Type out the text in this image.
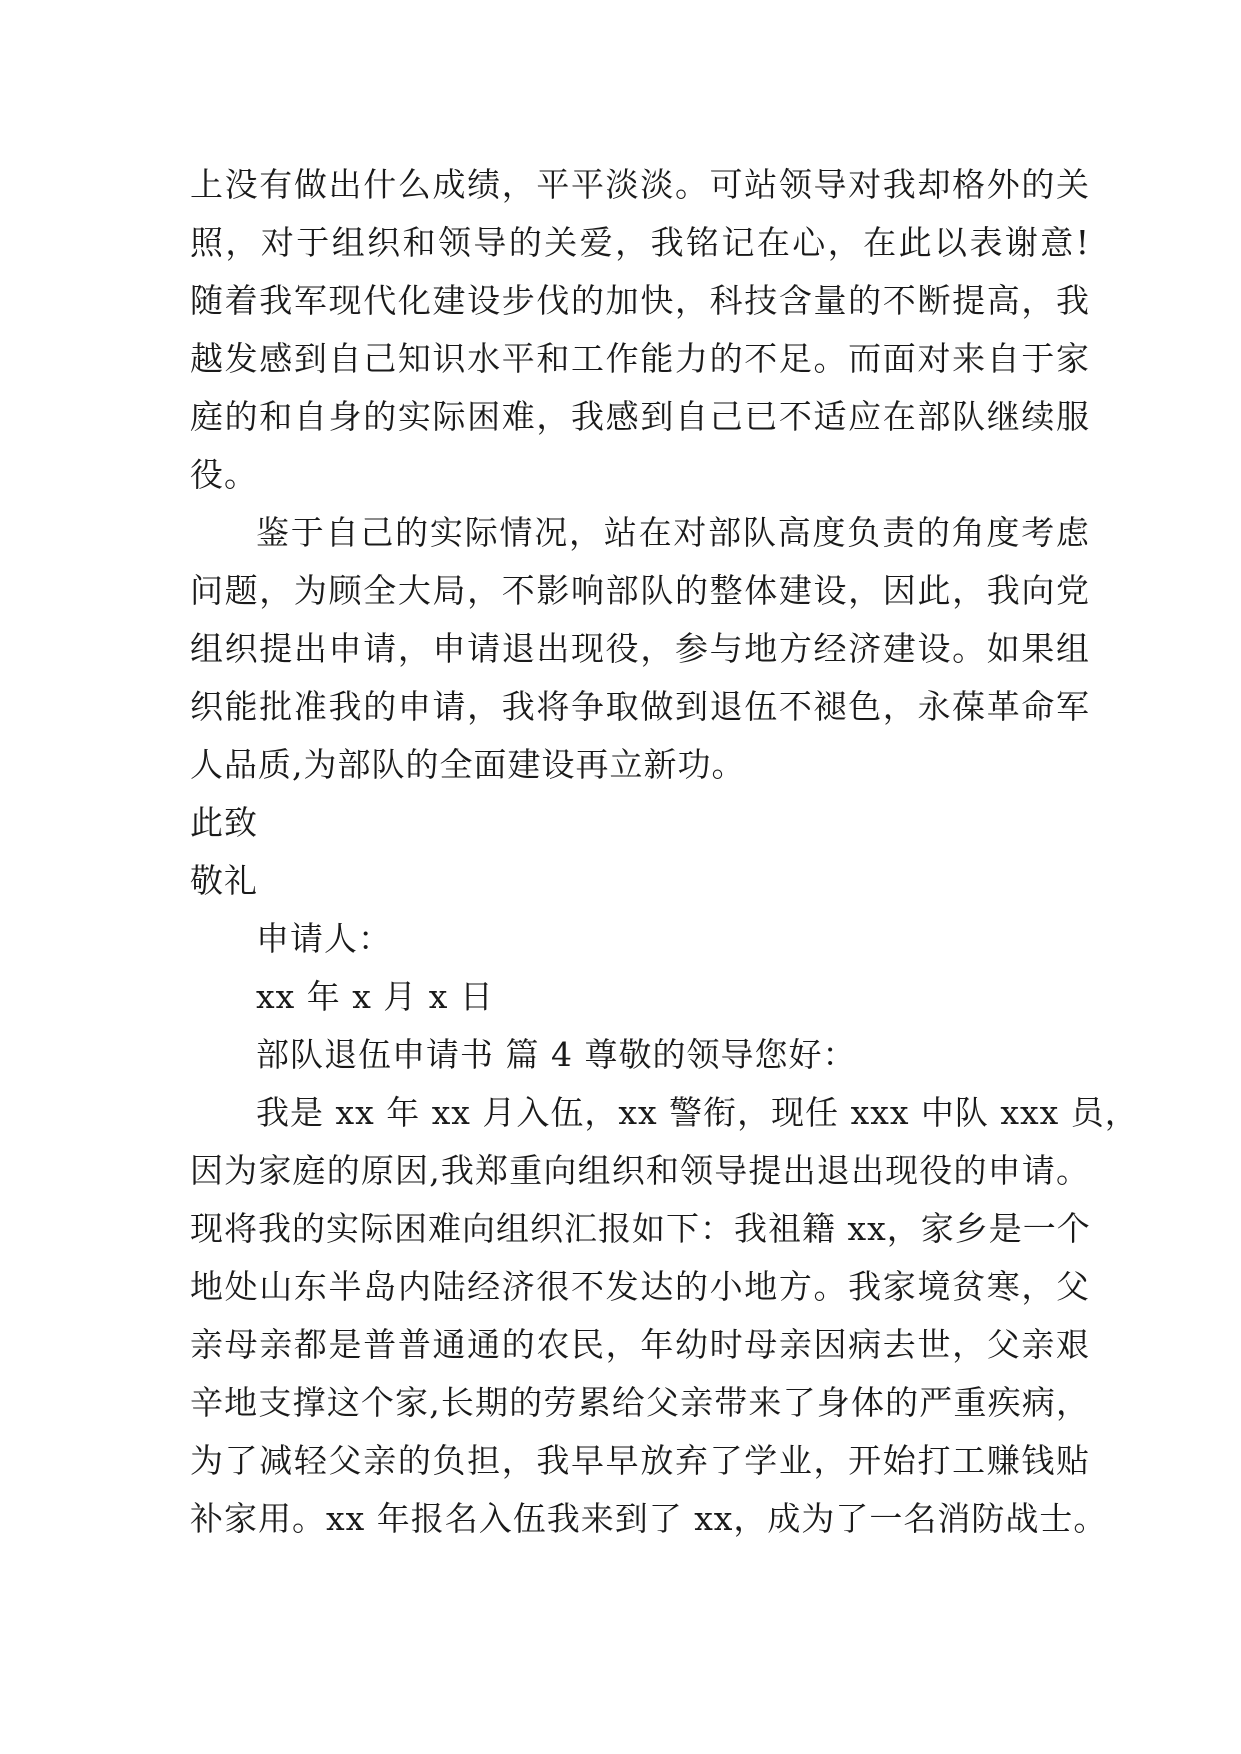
上没有做出什么成绩，平平淡淡。可站领导对我却格外的关
照，对于组织和领导的关爱，我铭记在心，在此以表谢意!
随着我军现代化建设步伐的加快，科技含量的不断提高，我
越发感到自己知识水平和工作能力的不足。而面对来自于家
庭的和自身的实际困难，我感到自己已不适应在部队继续服
役。
鉴于自己的实际情况，站在对部队高度负责的角度考虑
问题，为顾全大局，不影响部队的整体建设，因此，我向党
组织提出申请，申请退出现役，参与地方经济建设。如果组
织能批准我的申请，我将争取做到退伍不褪色，永葆革命军
人品质,为部队的全面建设再立新功。
此致
敬礼
申请人：
xx 年 x 月 x 日
部队退伍申请书 篇 4 尊敬的领导您好：
我是 xx 年 xx 月入伍，xx 警衔，现任 xxx 中队 xxx 员，
因为家庭的原因,我郑重向组织和领导提出退出现役的申请。
现将我的实际困难向组织汇报如下：我祖籍 xx，家乡是一个
地处山东半岛内陆经济很不发达的小地方。我家境贫寒，父
亲母亲都是普普通通的农民，年幼时母亲因病去世，父亲艰
辛地支撑这个家,长期的劳累给父亲带来了身体的严重疾病，
为了减轻父亲的负担，我早早放弃了学业，开始打工赚钱贴
补家用。xx 年报名入伍我来到了 xx，成为了一名消防战士。
